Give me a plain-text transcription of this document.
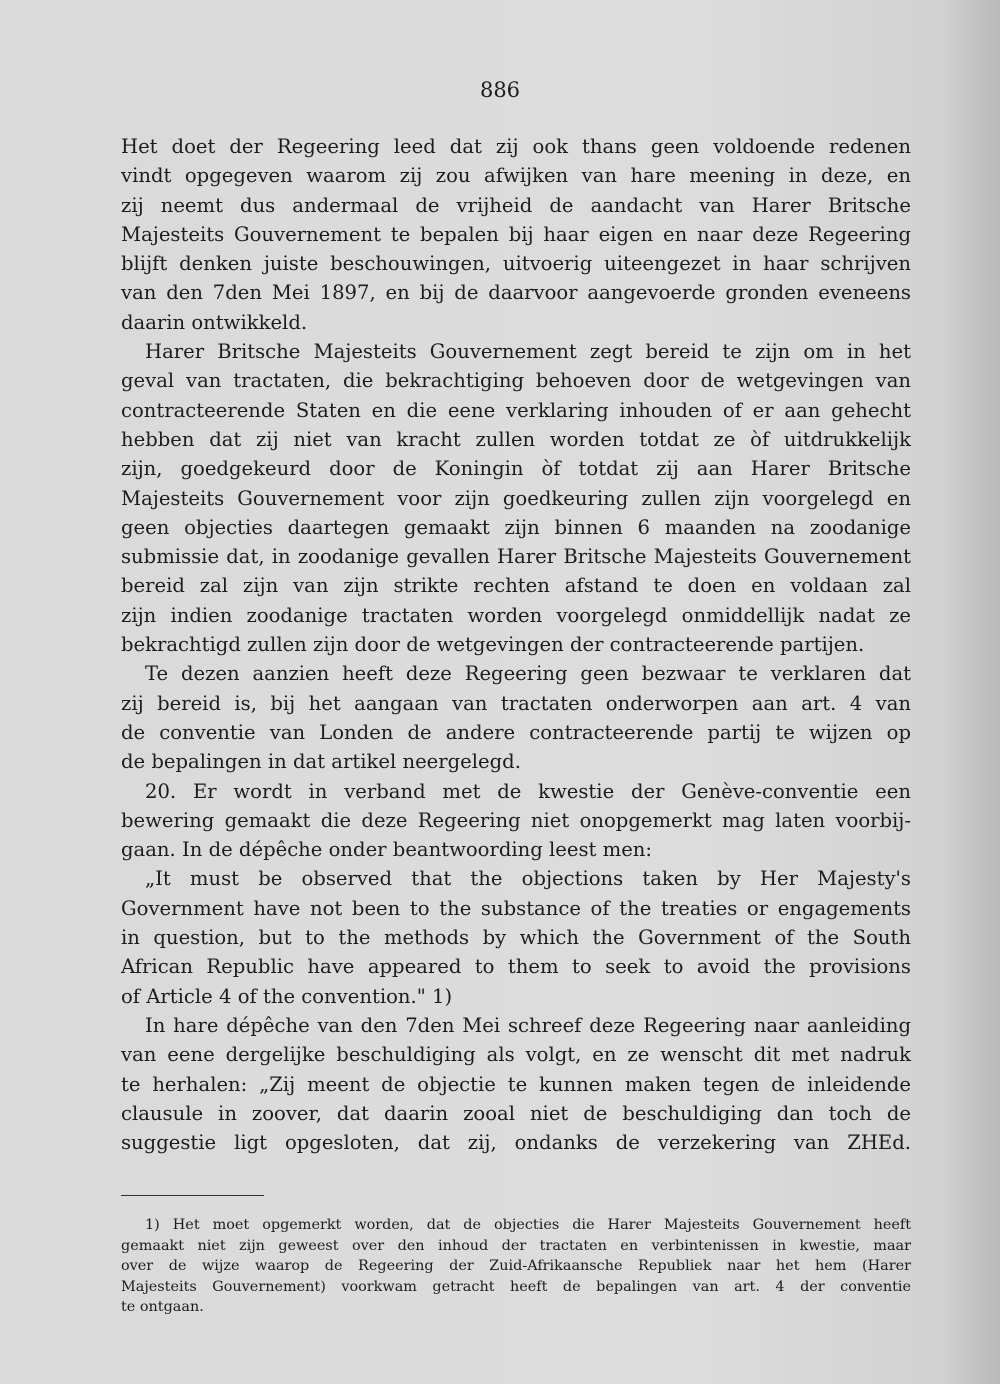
886
Het doet der Regeering leed dat zij ook thans geen voldoende redenen
vindt opgegeven waarom zij zou afwijken van hare meening in deze, en
zij neemt dus andermaal de vrijheid de aandacht van Harer Britsche
Majesteits Gouvernement te bepalen bij haar eigen en naar deze Regeering
blijft denken juiste beschouwingen, uitvoerig uiteengezet in haar schrijven
van den 7den Mei 1897, en bij de daarvoor aangevoerde gronden eveneens
daarin ontwikkeld.
Harer Britsche Majesteits Gouvernement zegt bereid te zijn om in het
geval van tractaten, die bekrachtiging behoeven door de wetgevingen van
contracteerende Staten en die eene verklaring inhouden of er aan gehecht
hebben dat zij niet van kracht zullen worden totdat ze òf uitdrukkelijk
zijn, goedgekeurd door de Koningin òf totdat zij aan Harer Britsche
Majesteits Gouvernement voor zijn goedkeuring zullen zijn voorgelegd en
geen objecties daartegen gemaakt zijn binnen 6 maanden na zoodanige
submissie dat, in zoodanige gevallen Harer Britsche Majesteits Gouvernement
bereid zal zijn van zijn strikte rechten afstand te doen en voldaan zal
zijn indien zoodanige tractaten worden voorgelegd onmiddellijk nadat ze
bekrachtigd zullen zijn door de wetgevingen der contracteerende partijen.
Te dezen aanzien heeft deze Regeering geen bezwaar te verklaren dat
zij bereid is, bij het aangaan van tractaten onderworpen aan art. 4 van
de conventie van Londen de andere contracteerende partij te wijzen op
de bepalingen in dat artikel neergelegd.
20. Er wordt in verband met de kwestie der Genève-conventie een
bewering gemaakt die deze Regeering niet onopgemerkt mag laten voorbij-
gaan. In de dépêche onder beantwoording leest men:
„It must be observed that the objections taken by Her Majesty's
Government have not been to the substance of the treaties or engagements
in question, but to the methods by which the Government of the South
African Republic have appeared to them to seek to avoid the provisions
of Article 4 of the convention." 1)
In hare dépêche van den 7den Mei schreef deze Regeering naar aanleiding
van eene dergelijke beschuldiging als volgt, en ze wenscht dit met nadruk
te herhalen: „Zij meent de objectie te kunnen maken tegen de inleidende
clausule in zoover, dat daarin zooal niet de beschuldiging dan toch de
suggestie ligt opgesloten, dat zij, ondanks de verzekering van ZHEd.
1) Het moet opgemerkt worden, dat de objecties die Harer Majesteits Gouvernement heeft
gemaakt niet zijn geweest over den inhoud der tractaten en verbintenissen in kwestie, maar
over de wijze waarop de Regeering der Zuid-Afrikaansche Republiek naar het hem (Harer
Majesteits Gouvernement) voorkwam getracht heeft de bepalingen van art. 4 der conventie
te ontgaan.
